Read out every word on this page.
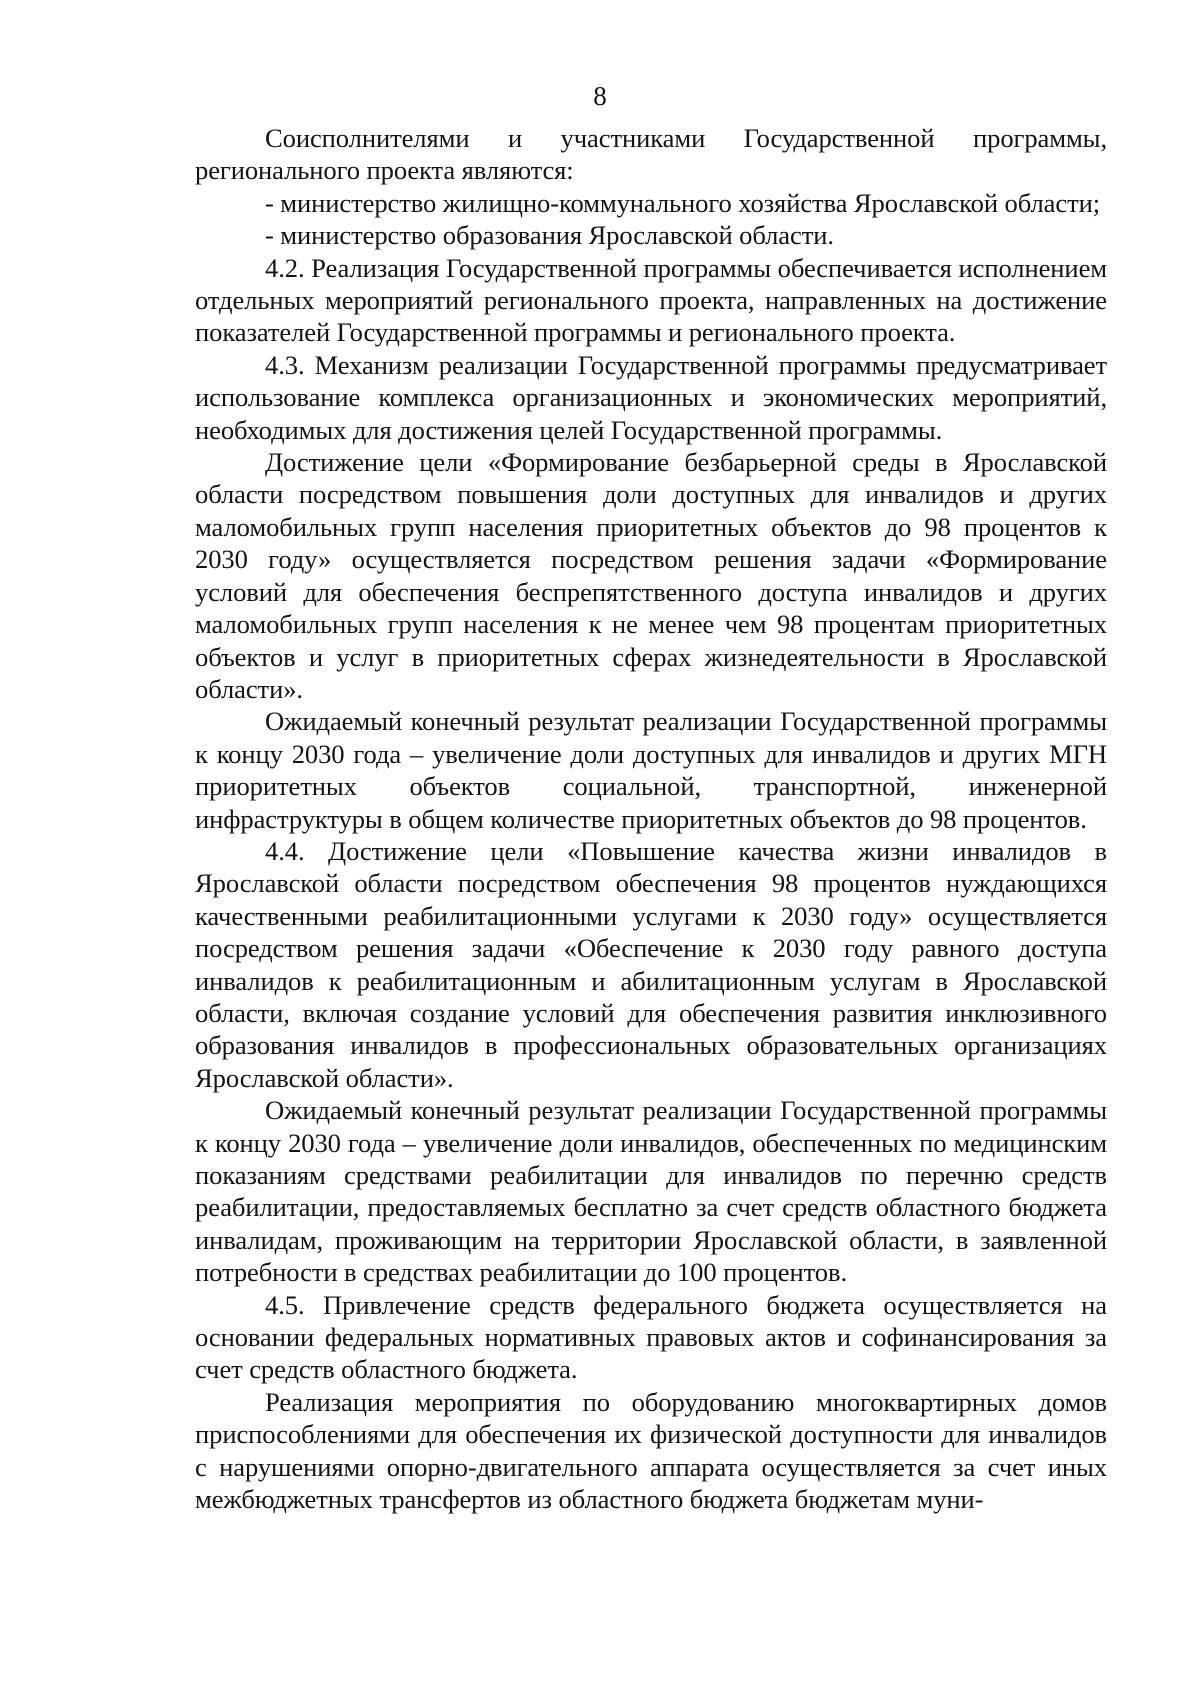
8

Соисполнителями и участниками Государственной программы, регионального проекта являются:

- министерство жилищно-коммунального хозяйства Ярославской области;

- министерство образования Ярославской области.

4.2. Реализация Государственной программы обеспечивается исполнением отдельных мероприятий регионального проекта, направленных на достижение показателей Государственной программы и регионального проекта.

4.3. Механизм реализации Государственной программы предусматривает использование комплекса организационных и экономических мероприятий, необходимых для достижения целей Государственной программы.

Достижение цели «Формирование безбарьерной среды в Ярославской области посредством повышения доли доступных для инвалидов и других маломобильных групп населения приоритетных объектов до 98 процентов к 2030 году» осуществляется посредством решения задачи «Формирование условий для обеспечения беспрепятственного доступа инвалидов и других маломобильных групп населения к не менее чем 98 процентам приоритетных объектов и услуг в приоритетных сферах жизнедеятельности в Ярославской области».

Ожидаемый конечный результат реализации Государственной программы к концу 2030 года – увеличение доли доступных для инвалидов и других МГН приоритетных объектов социальной, транспортной, инженерной инфраструктуры в общем количестве приоритетных объектов до 98 процентов.

4.4. Достижение цели «Повышение качества жизни инвалидов в Ярославской области посредством обеспечения 98 процентов нуждающихся качественными реабилитационными услугами к 2030 году» осуществляется посредством решения задачи «Обеспечение к 2030 году равного доступа инвалидов к реабилитационным и абилитационным услугам в Ярославской области, включая создание условий для обеспечения развития инклюзивного образования инвалидов в профессиональных образовательных организациях Ярославской области».

Ожидаемый конечный результат реализации Государственной программы к концу 2030 года – увеличение доли инвалидов, обеспеченных по медицинским показаниям средствами реабилитации для инвалидов по перечню средств реабилитации, предоставляемых бесплатно за счет средств областного бюджета инвалидам, проживающим на территории Ярославской области, в заявленной потребности в средствах реабилитации до 100 процентов.

4.5. Привлечение средств федерального бюджета осуществляется на основании федеральных нормативных правовых актов и софинансирования за счет средств областного бюджета.

Реализация мероприятия по оборудованию многоквартирных домов приспособлениями для обеспечения их физической доступности для инвалидов с нарушениями опорно-двигательного аппарата осуществляется за счет иных межбюджетных трансфертов из областного бюджета бюджетам муни-
